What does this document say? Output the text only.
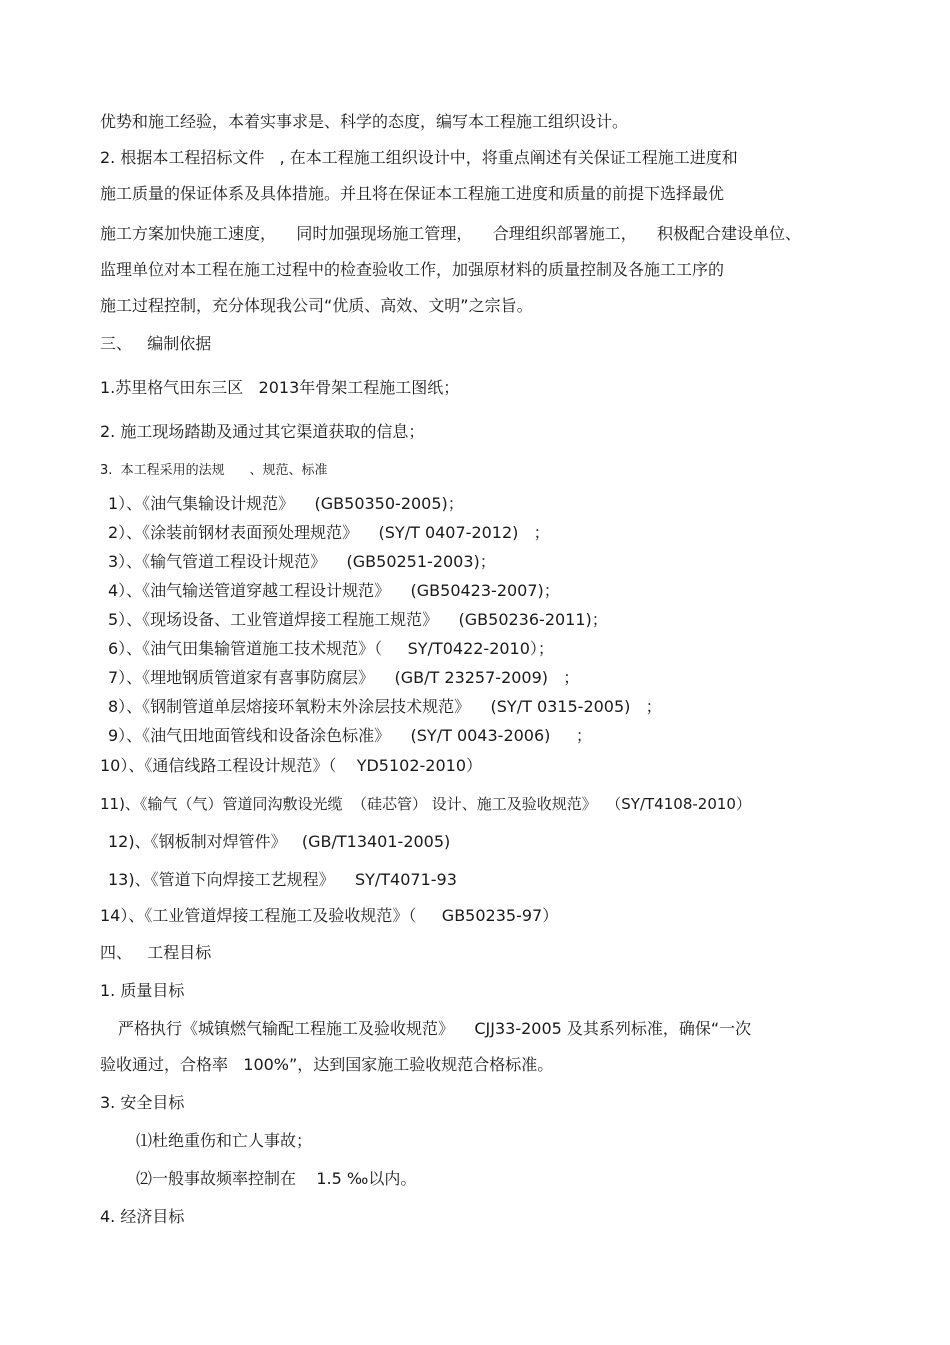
优势和施工经验，本着实事求是、科学的态度，编写本工程施工组织设计。

2. 根据本工程招标文件   , 在本工程施工组织设计中，将重点阐述有关保证工程施工进度和

施工质量的保证体系及具体措施。并且将在保证本工程施工进度和质量的前提下选择最优

施工方案加快施工速度，    同时加强现场施工管理，    合理组织部署施工，    积极配合建设单位、

监理单位对本工程在施工过程中的检查验收工作，加强原材料的质量控制及各施工工序的

施工过程控制，充分体现我公司“优质、高效、文明”之宗旨。

三、   编制依据

1.苏里格气田东三区   2013年骨架工程施工图纸；

2. 施工现场踏勘及通过其它渠道获取的信息；

3.  本工程采用的法规      、规范、标准

1）、《油气集输设计规范》    (GB50350-2005)；

2）、《涂装前钢材表面预处理规范》    (SY/T 0407-2012)   ；

3）、《输气管道工程设计规范》    (GB50251-2003)；

4）、《油气输送管道穿越工程设计规范》    (GB50423-2007)；

5）、《现场设备、工业管道焊接工程施工规范》    (GB50236-2011)；

6）、《油气田集输管道施工技术规范》（     SY/T0422-2010）；

7）、《埋地钢质管道家有喜事防腐层》    (GB/T 23257-2009)   ；

8）、《钢制管道单层熔接环氧粉末外涂层技术规范》    (SY/T 0315-2005)   ；

9）、《油气田地面管线和设备涂色标准》    (SY/T 0043-2006)     ；

10）、《通信线路工程设计规范》（    YD5102-2010）

11)、《输气（气）管道同沟敷设光缆  （硅芯管） 设计、施工及验收规范》  （SY/T4108-2010）

12)、《钢板制对焊管件》   (GB/T13401-2005)

13)、《管道下向焊接工艺规程》    SY/T4071-93

14）、《工业管道焊接工程施工及验收规范》（     GB50235-97）

四、   工程目标

1. 质量目标

严格执行《城镇燃气输配工程施工及验收规范》    CJJ33-2005 及其系列标准，确保“一次

验收通过，合格率   100%”，达到国家施工验收规范合格标准。

3. 安全目标

⑴杜绝重伤和亡人事故；

⑵一般事故频率控制在    1.5 ‰以内。

4. 经济目标
